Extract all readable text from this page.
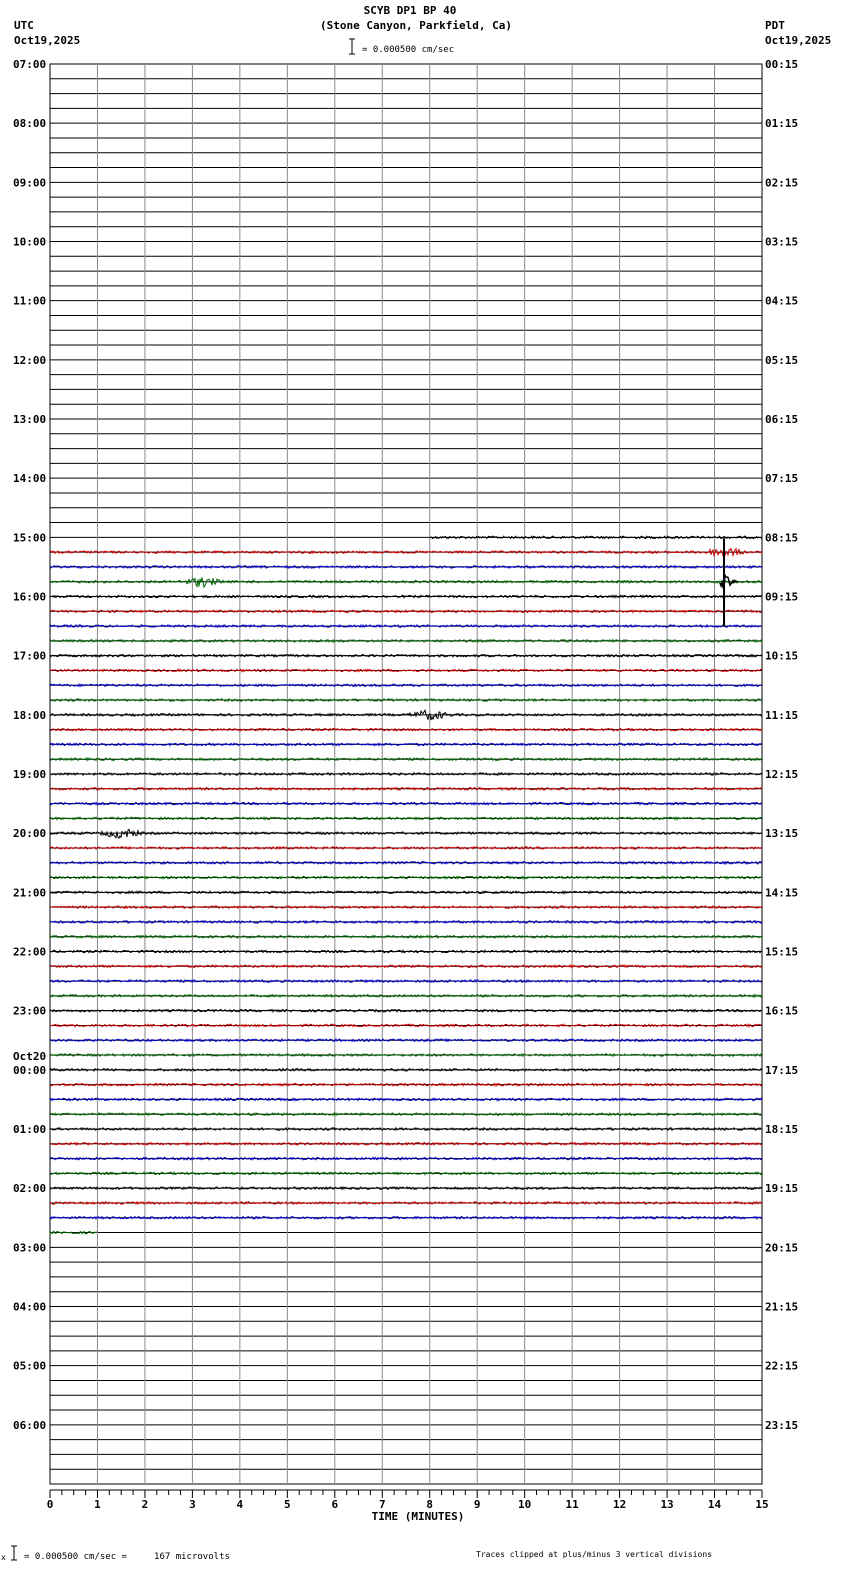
SCYB DP1 BP 40
(Stone Canyon, Parkfield, Ca)
= 0.000500 cm/sec
UTC
Oct19,2025
PDT
Oct19,2025
07:00
08:00
09:00
10:00
11:00
12:00
13:00
14:00
15:00
16:00
17:00
18:00
19:00
20:00
21:00
22:00
23:00
00:00
Oct20
01:00
02:00
03:00
04:00
05:00
06:00
00:15
01:15
02:15
03:15
04:15
05:15
06:15
07:15
08:15
09:15
10:15
11:15
12:15
13:15
14:15
15:15
16:15
17:15
18:15
19:15
20:15
21:15
22:15
23:15
0	1	2	3	4	5	6	7	8	9	10	11	12	13	14	15
TIME (MINUTES)
x = 0.000500 cm/sec =     167 microvolts	Traces clipped at plus/minus 3 vertical divisions
